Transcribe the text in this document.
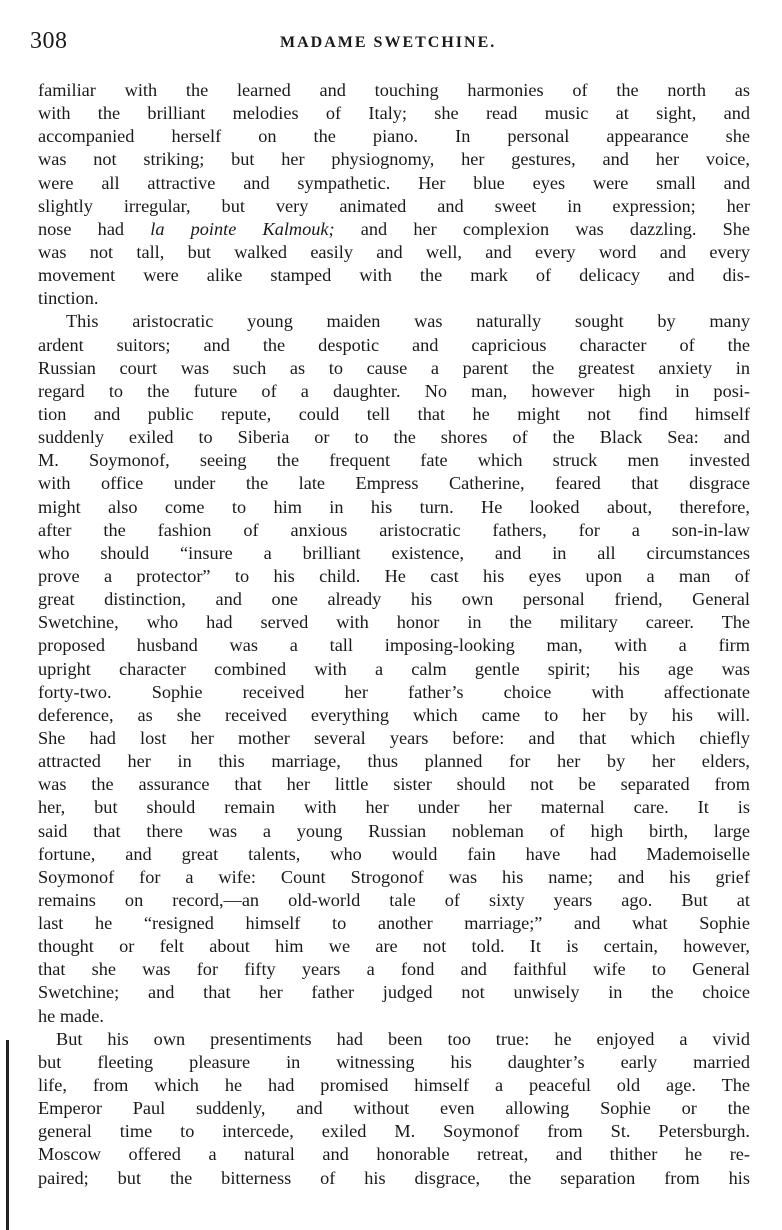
308	MADAME SWETCHINE.
familiar with the learned and touching harmonies of the north as
with the brilliant melodies of Italy; she read music at sight, and
accompanied herself on the piano. In personal appearance she
was not striking; but her physiognomy, her gestures, and her voice,
were all attractive and sympathetic. Her blue eyes were small and
slightly irregular, but very animated and sweet in expression; her
nose had la pointe Kalmouk; and her complexion was dazzling. She
was not tall, but walked easily and well, and every word and every
movement were alike stamped with the mark of delicacy and dis-
tinction.
This aristocratic young maiden was naturally sought by many
ardent suitors; and the despotic and capricious character of the
Russian court was such as to cause a parent the greatest anxiety in
regard to the future of a daughter. No man, however high in posi-
tion and public repute, could tell that he might not find himself
suddenly exiled to Siberia or to the shores of the Black Sea: and
M. Soymonof, seeing the frequent fate which struck men invested
with office under the late Empress Catherine, feared that disgrace
might also come to him in his turn. He looked about, therefore,
after the fashion of anxious aristocratic fathers, for a son-in-law
who should “insure a brilliant existence, and in all circumstances
prove a protector” to his child. He cast his eyes upon a man of
great distinction, and one already his own personal friend, General
Swetchine, who had served with honor in the military career. The
proposed husband was a tall imposing-looking man, with a firm
upright character combined with a calm gentle spirit; his age was
forty-two. Sophie received her father’s choice with affectionate
deference, as she received everything which came to her by his will.
She had lost her mother several years before: and that which chiefly
attracted her in this marriage, thus planned for her by her elders,
was the assurance that her little sister should not be separated from
her, but should remain with her under her maternal care. It is
said that there was a young Russian nobleman of high birth, large
fortune, and great talents, who would fain have had Mademoiselle
Soymonof for a wife: Count Strogonof was his name; and his grief
remains on record,—an old-world tale of sixty years ago. But at
last he “resigned himself to another marriage;” and what Sophie
thought or felt about him we are not told. It is certain, however,
that she was for fifty years a fond and faithful wife to General
Swetchine; and that her father judged not unwisely in the choice
he made.
But his own presentiments had been too true: he enjoyed a vivid
but fleeting pleasure in witnessing his daughter’s early married
life, from which he had promised himself a peaceful old age. The
Emperor Paul suddenly, and without even allowing Sophie or the
general time to intercede, exiled M. Soymonof from St. Petersburgh.
Moscow offered a natural and honorable retreat, and thither he re-
paired; but the bitterness of his disgrace, the separation from his
